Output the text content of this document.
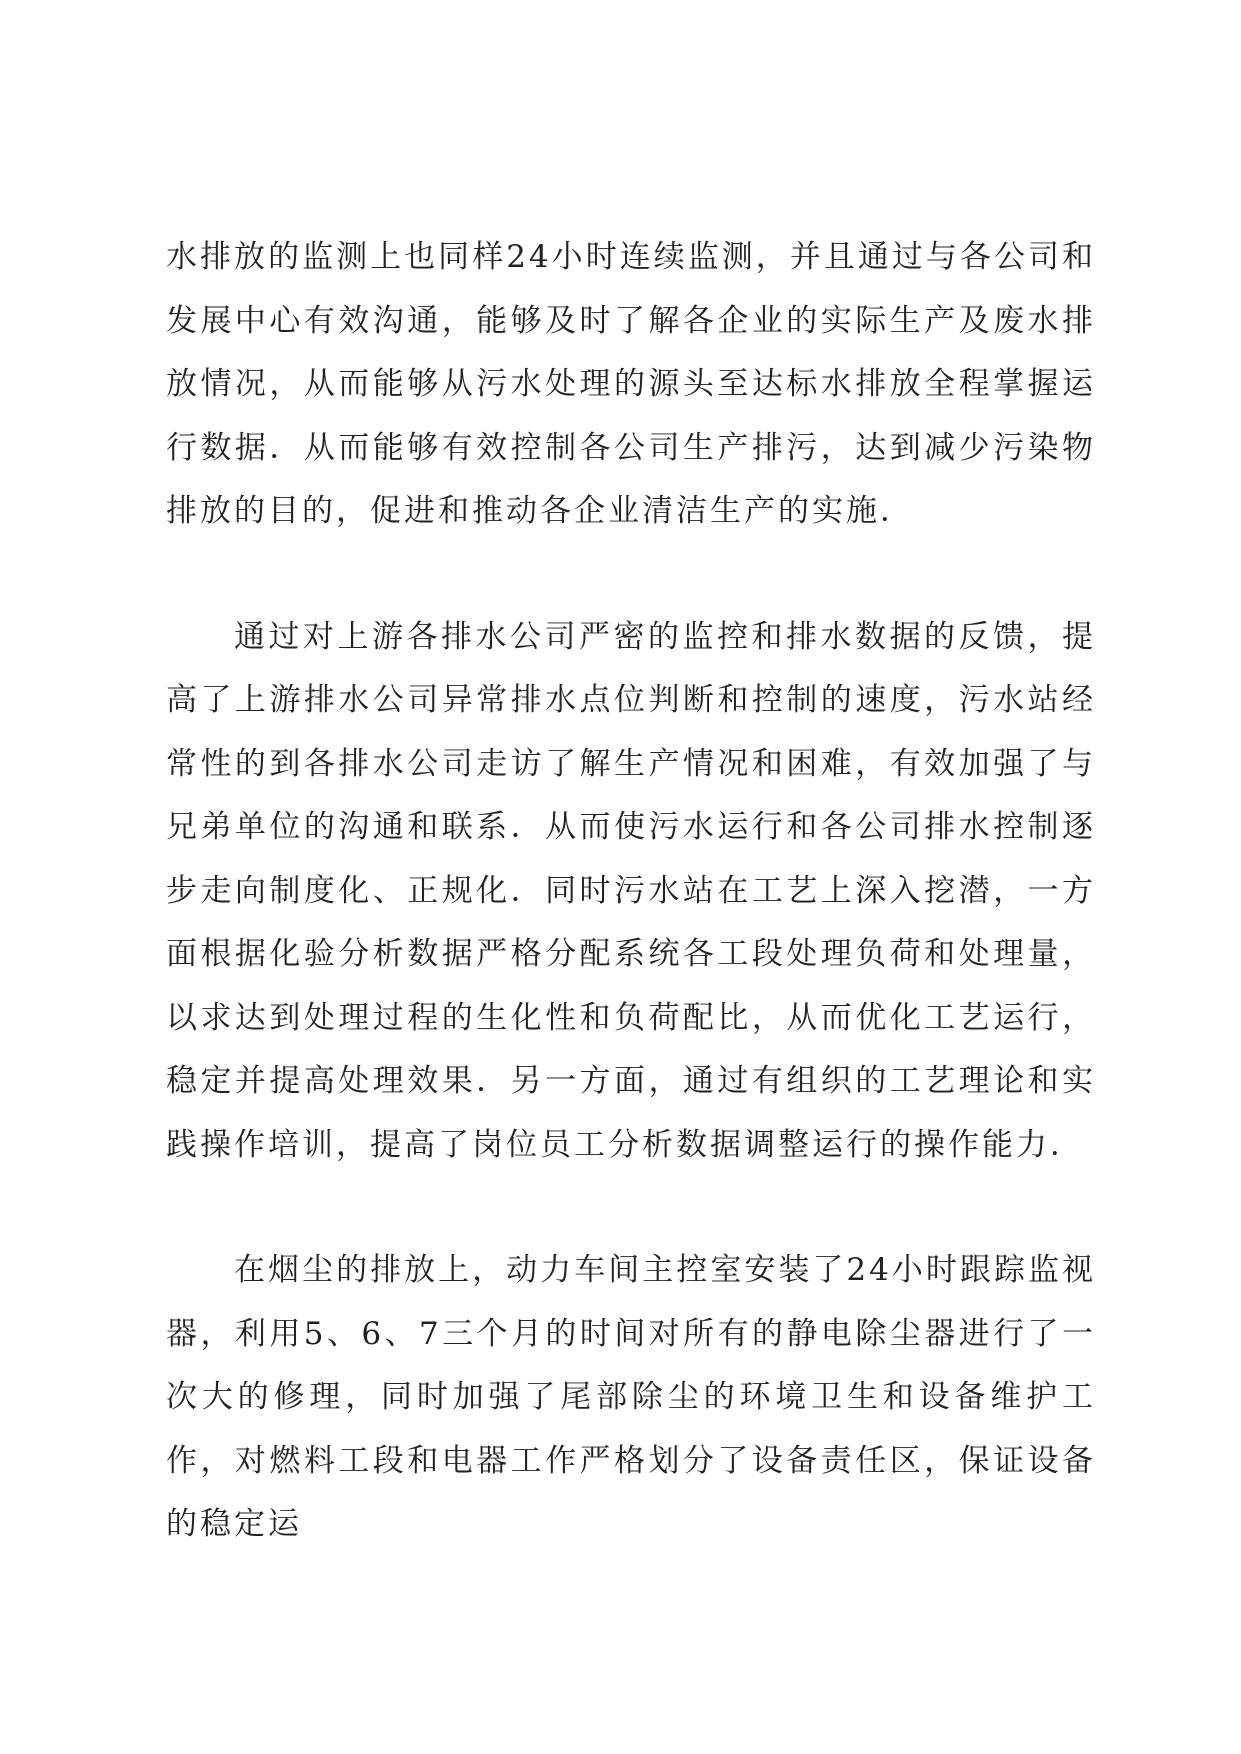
水排放的监测上也同样24小时连续监测，并且通过与各公司和发展中心有效沟通，能够及时了解各企业的实际生产及废水排放情况，从而能够从污水处理的源头至达标水排放全程掌握运行数据．从而能够有效控制各公司生产排污，达到减少污染物排放的目的，促进和推动各企业清洁生产的实施．

通过对上游各排水公司严密的监控和排水数据的反馈，提高了上游排水公司异常排水点位判断和控制的速度，污水站经常性的到各排水公司走访了解生产情况和困难，有效加强了与兄弟单位的沟通和联系．从而使污水运行和各公司排水控制逐步走向制度化、正规化．同时污水站在工艺上深入挖潜，一方面根据化验分析数据严格分配系统各工段处理负荷和处理量，以求达到处理过程的生化性和负荷配比，从而优化工艺运行，稳定并提高处理效果．另一方面，通过有组织的工艺理论和实践操作培训，提高了岗位员工分析数据调整运行的操作能力．

在烟尘的排放上，动力车间主控室安装了24小时跟踪监视器，利用5、6、7三个月的时间对所有的静电除尘器进行了一次大的修理，同时加强了尾部除尘的环境卫生和设备维护工作，对燃料工段和电器工作严格划分了设备责任区，保证设备的稳定运
